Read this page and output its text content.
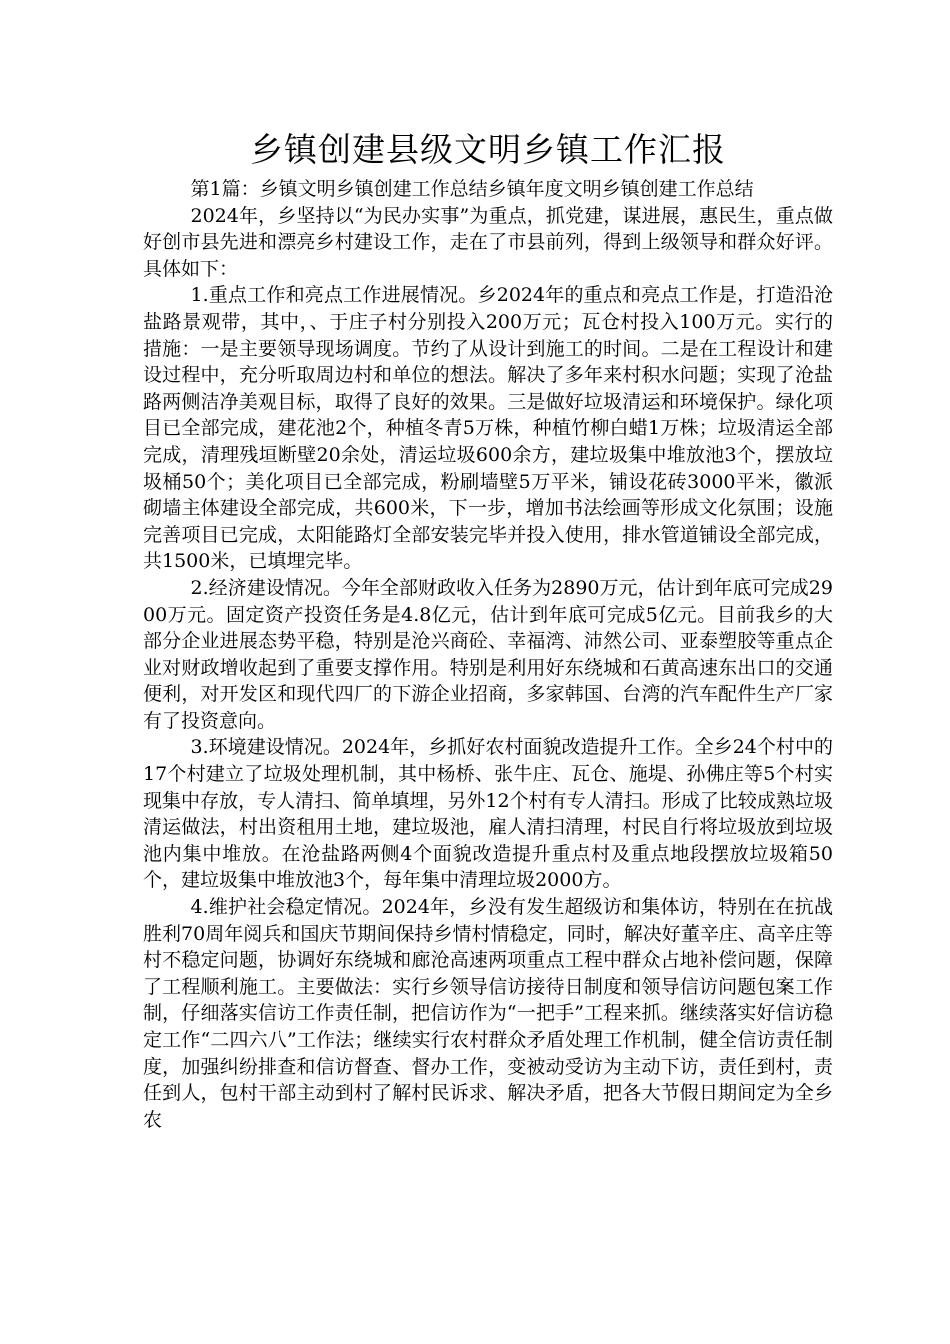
乡镇创建县级文明乡镇工作汇报

第1篇：乡镇文明乡镇创建工作总结乡镇年度文明乡镇创建工作总结

2024年，乡坚持以“为民办实事”为重点，抓党建，谋进展，惠民生，重点做好创市县先进和漂亮乡村建设工作，走在了市县前列，得到上级领导和群众好评。具体如下：

1.重点工作和亮点工作进展情况。乡2024年的重点和亮点工作是，打造沿沧盐路景观带，其中，、于庄子村分别投入200万元；瓦仓村投入100万元。实行的措施：一是主要领导现场调度。节约了从设计到施工的时间。二是在工程设计和建设过程中，充分听取周边村和单位的想法。解决了多年来村积水问题；实现了沧盐路两侧洁净美观目标，取得了良好的效果。三是做好垃圾清运和环境保护。绿化项目已全部完成，建花池2个，种植冬青5万株，种植竹柳白蜡1万株；垃圾清运全部完成，清理残垣断壁20余处，清运垃圾600余方，建垃圾集中堆放池3个，摆放垃圾桶50个；美化项目已全部完成，粉刷墙壁5万平米，铺设花砖3000平米，徽派砌墙主体建设全部完成，共600米，下一步，增加书法绘画等形成文化氛围；设施完善项目已完成，太阳能路灯全部安装完毕并投入使用，排水管道铺设全部完成，共1500米，已填埋完毕。

2.经济建设情况。今年全部财政收入任务为2890万元，估计到年底可完成2900万元。固定资产投资任务是4.8亿元，估计到年底可完成5亿元。目前我乡的大部分企业进展态势平稳，特别是沧兴商砼、幸福湾、沛然公司、亚泰塑胶等重点企业对财政增收起到了重要支撑作用。特别是利用好东绕城和石黄高速东出口的交通便利，对开发区和现代四厂的下游企业招商，多家韩国、台湾的汽车配件生产厂家有了投资意向。

3.环境建设情况。2024年，乡抓好农村面貌改造提升工作。全乡24个村中的17个村建立了垃圾处理机制，其中杨桥、张牛庄、瓦仓、施堤、孙佛庄等5个村实现集中存放，专人清扫、简单填埋，另外12个村有专人清扫。形成了比较成熟垃圾清运做法，村出资租用土地，建垃圾池，雇人清扫清理，村民自行将垃圾放到垃圾池内集中堆放。在沧盐路两侧4个面貌改造提升重点村及重点地段摆放垃圾箱50个，建垃圾集中堆放池3个，每年集中清理垃圾2000方。

4.维护社会稳定情况。2024年，乡没有发生超级访和集体访，特别在在抗战胜利70周年阅兵和国庆节期间保持乡情村情稳定，同时，解决好董辛庄、高辛庄等村不稳定问题，协调好东绕城和廊沧高速两项重点工程中群众占地补偿问题，保障了工程顺利施工。主要做法：实行乡领导信访接待日制度和领导信访问题包案工作制，仔细落实信访工作责任制，把信访作为“一把手”工程来抓。继续落实好信访稳定工作“二四六八”工作法；继续实行农村群众矛盾处理工作机制，健全信访责任制度，加强纠纷排查和信访督查、督办工作，变被动受访为主动下访，责任到村，责任到人，包村干部主动到村了解村民诉求、解决矛盾，把各大节假日期间定为全乡农
